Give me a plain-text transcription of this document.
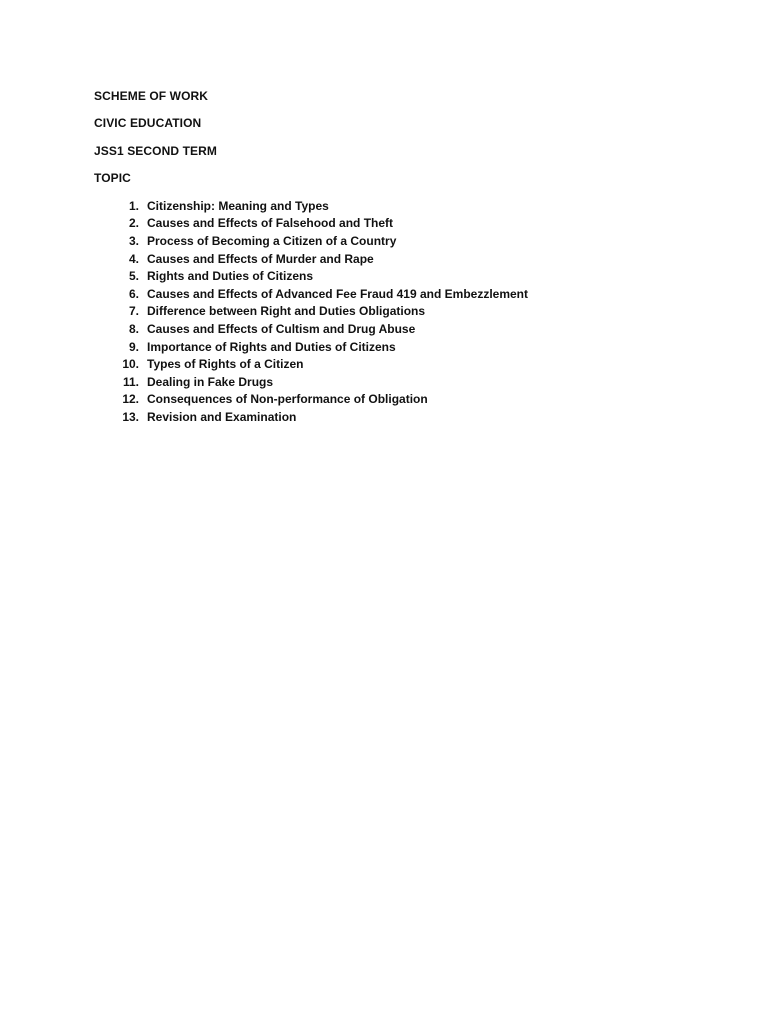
SCHEME OF WORK

CIVIC EDUCATION

JSS1 SECOND TERM

TOPIC

1. Citizenship: Meaning and Types
2. Causes and Effects of Falsehood and Theft
3. Process of Becoming a Citizen of a Country
4. Causes and Effects of Murder and Rape
5. Rights and Duties of Citizens
6. Causes and Effects of Advanced Fee Fraud 419 and Embezzlement
7. Difference between Right and Duties Obligations
8. Causes and Effects of Cultism and Drug Abuse
9. Importance of Rights and Duties of Citizens
10. Types of Rights of a Citizen
11. Dealing in Fake Drugs
12. Consequences of Non-performance of Obligation
13. Revision and Examination
